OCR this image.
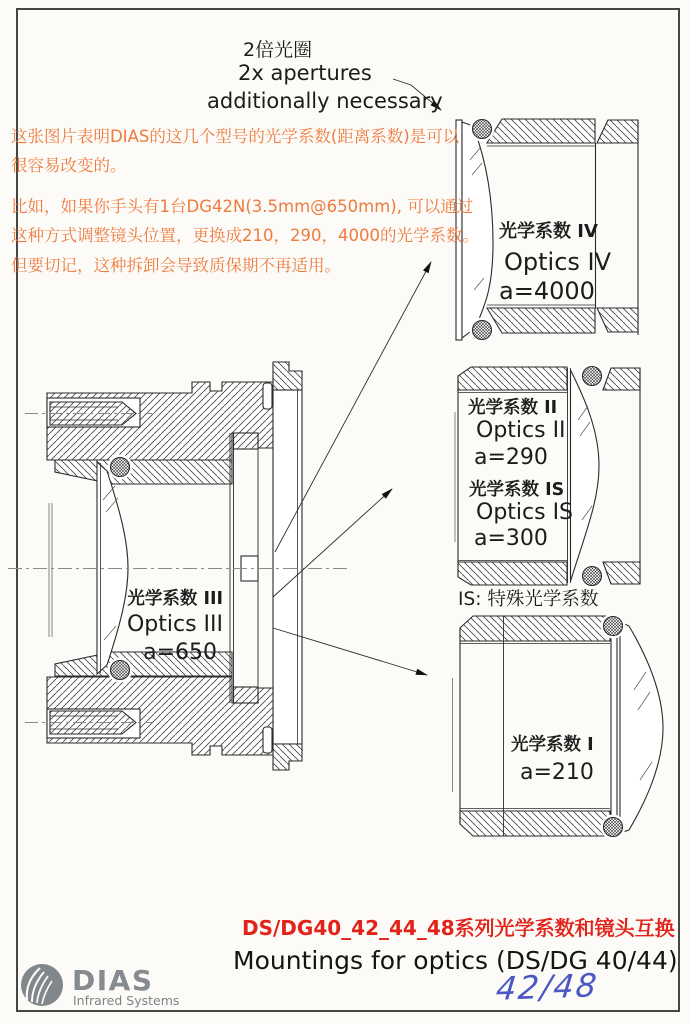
2倍光圈
2x apertures
additionally necessary
这张图片表明DIAS的这几个型号的光学系数(距离系数)是可以
很容易改变的。
比如，如果你手头有1台DG42N(3.5mm@650mm), 可以通过
这种方式调整镜头位置，更换成210，290，4000的光学系数。
但要切记，这种拆卸会导致质保期不再适用。
光学系数 IV
Optics IV
a=4000
光学系数 II
Optics II
a=290
光学系数 IS
Optics IS
a=300
IS: 特殊光学系数
光学系数 III
Optics III
a=650
光学系数 I
a=210
DS/DG40_42_44_48系列光学系数和镜头互换
Mountings for optics (DS/DG 40/44)
42/48
DIAS
Infrared Systems
